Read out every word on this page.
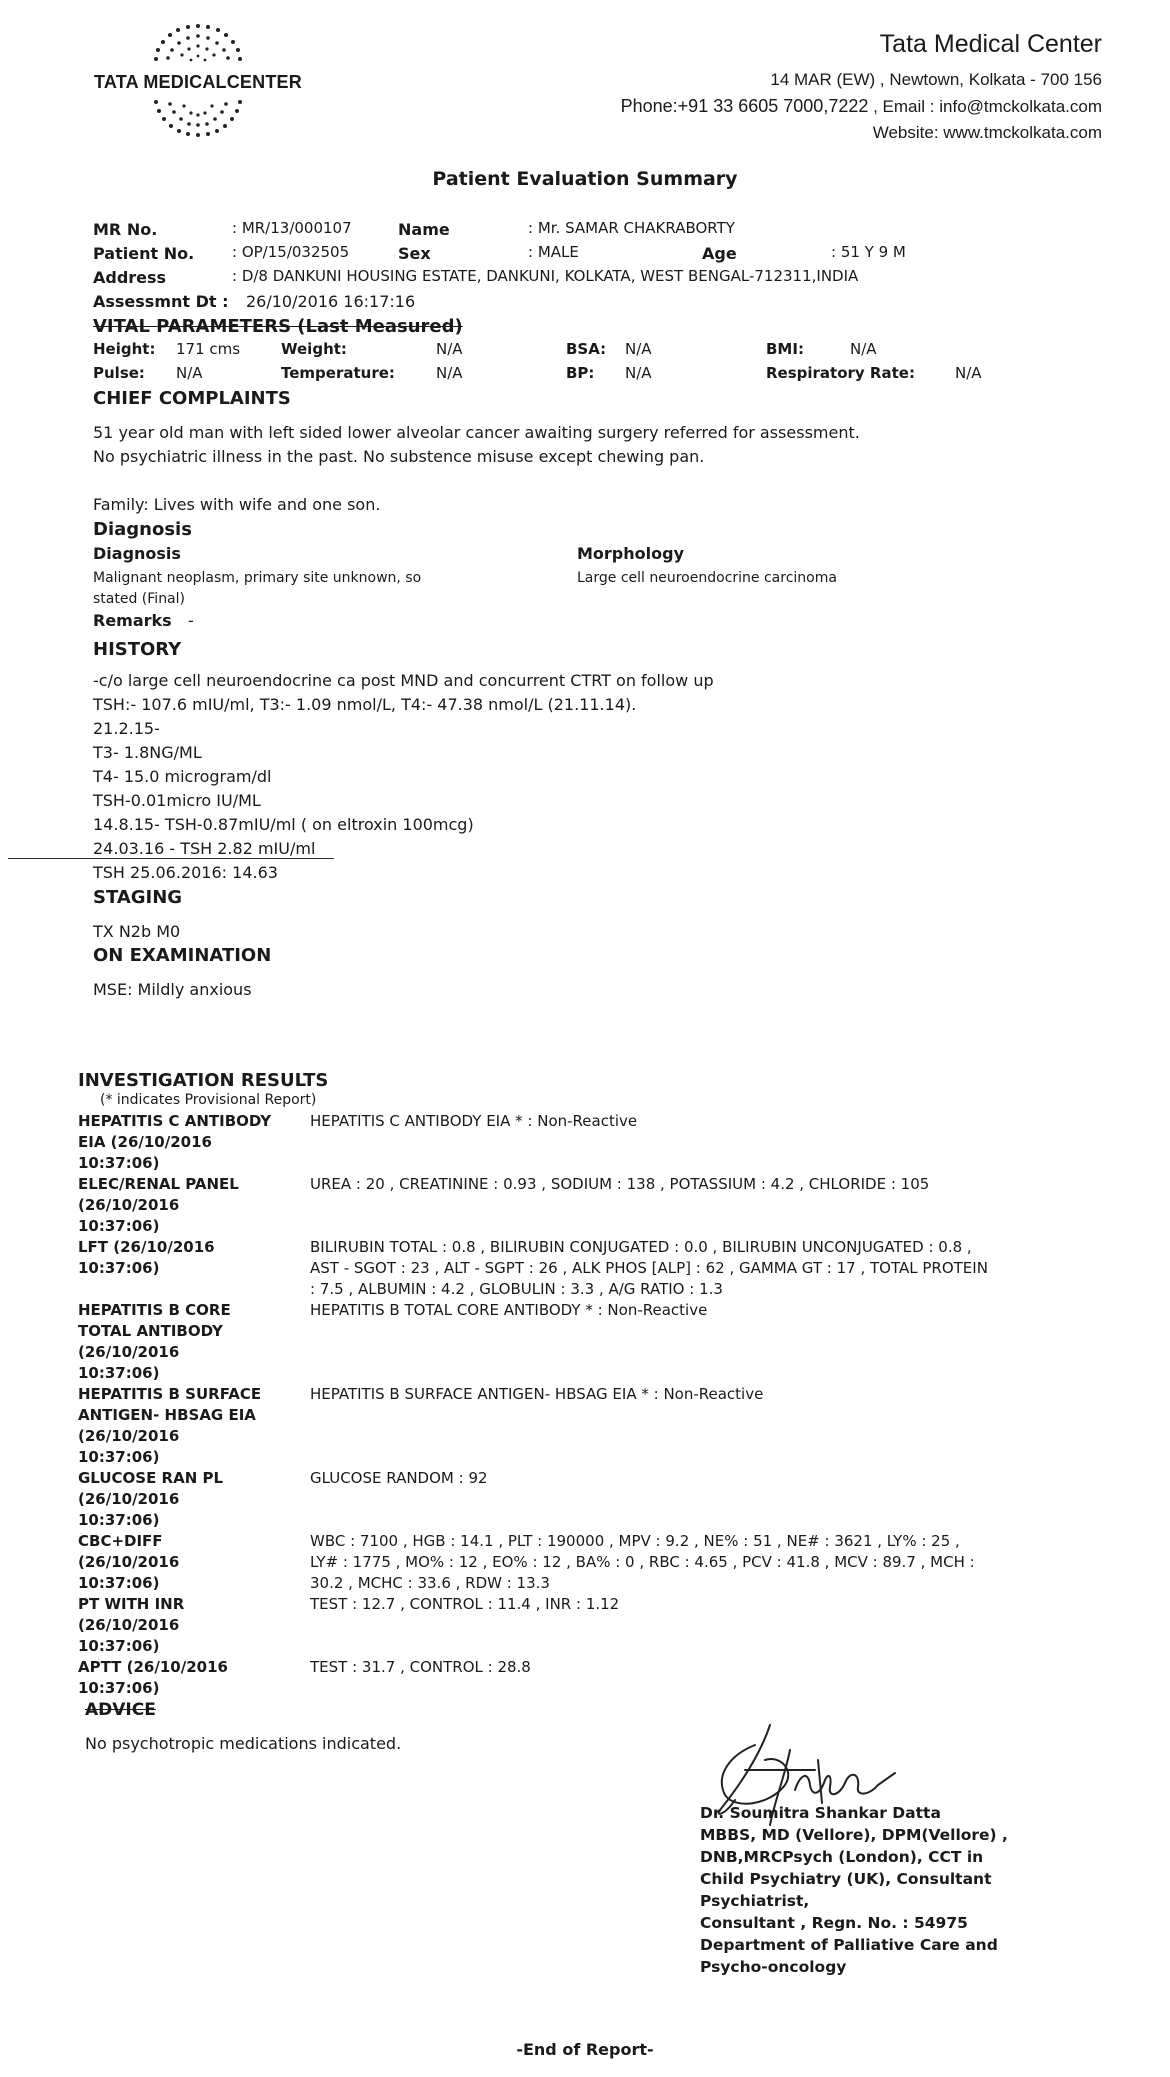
TATA MEDICALCENTER
Tata Medical Center
14 MAR (EW) , Newtown, Kolkata - 700 156
Phone:+91 33 6605 7000,7222 , Email : info@tmckolkata.com
Website: www.tmckolkata.com
Patient Evaluation Summary
MR No.	: MR/13/000107	Name	: Mr. SAMAR CHAKRABORTY
Patient No.	: OP/15/032505	Sex	: MALE	Age	: 51 Y 9 M
Address	: D/8 DANKUNI HOUSING ESTATE, DANKUNI, KOLKATA, WEST BENGAL-712311,INDIA
Assessmnt Dt : 26/10/2016 16:17:16
VITAL PARAMETERS (Last Measured)
Height: 171 cms	Weight:	N/A	BSA: N/A	BMI:	N/A
Pulse: N/A	Temperature:	N/A	BP: N/A	Respiratory Rate:	N/A
CHIEF COMPLAINTS
51 year old man with left sided lower alveolar cancer awaiting surgery referred for assessment.
No psychiatric illness in the past. No substence misuse except chewing pan.
Family: Lives with wife and one son.
Diagnosis
Diagnosis
Malignant neoplasm, primary site unknown, so
stated (Final)
Morphology
Large cell neuroendocrine carcinoma
Remarks -
HISTORY
-c/o large cell neuroendocrine ca post MND and concurrent CTRT on follow up
TSH:- 107.6 mIU/ml, T3:- 1.09 nmol/L, T4:- 47.38 nmol/L (21.11.14).
21.2.15-
T3- 1.8NG/ML
T4- 15.0 microgram/dl
TSH-0.01micro IU/ML
14.8.15- TSH-0.87mIU/ml ( on eltroxin 100mcg)
24.03.16 - TSH 2.82 mIU/ml
TSH 25.06.2016: 14.63
STAGING
TX N2b M0
ON EXAMINATION
MSE: Mildly anxious
INVESTIGATION RESULTS
(* indicates Provisional Report)
HEPATITIS C ANTIBODY
EIA (26/10/2016
10:37:06)
HEPATITIS C ANTIBODY EIA * : Non-Reactive
ELEC/RENAL PANEL
(26/10/2016
10:37:06)
UREA : 20 , CREATININE : 0.93 , SODIUM : 138 , POTASSIUM : 4.2 , CHLORIDE : 105
LFT (26/10/2016
10:37:06)
BILIRUBIN TOTAL : 0.8 , BILIRUBIN CONJUGATED : 0.0 , BILIRUBIN UNCONJUGATED : 0.8 ,
AST - SGOT : 23 , ALT - SGPT : 26 , ALK PHOS [ALP] : 62 , GAMMA GT : 17 , TOTAL PROTEIN
: 7.5 , ALBUMIN : 4.2 , GLOBULIN : 3.3 , A/G RATIO : 1.3
HEPATITIS B CORE
TOTAL ANTIBODY
(26/10/2016
10:37:06)
HEPATITIS B TOTAL CORE ANTIBODY * : Non-Reactive
HEPATITIS B SURFACE
ANTIGEN- HBSAG EIA
(26/10/2016
10:37:06)
HEPATITIS B SURFACE ANTIGEN- HBSAG EIA * : Non-Reactive
GLUCOSE RAN PL
(26/10/2016
10:37:06)
GLUCOSE RANDOM : 92
CBC+DIFF
(26/10/2016
10:37:06)
WBC : 7100 , HGB : 14.1 , PLT : 190000 , MPV : 9.2 , NE% : 51 , NE# : 3621 , LY% : 25 ,
LY# : 1775 , MO% : 12 , EO% : 12 , BA% : 0 , RBC : 4.65 , PCV : 41.8 , MCV : 89.7 , MCH :
30.2 , MCHC : 33.6 , RDW : 13.3
PT WITH INR
(26/10/2016
10:37:06)
TEST : 12.7 , CONTROL : 11.4 , INR : 1.12
APTT (26/10/2016
10:37:06)
TEST : 31.7 , CONTROL : 28.8
ADVICE
No psychotropic medications indicated.
Dr. Soumitra Shankar Datta
MBBS, MD (Vellore), DPM(Vellore) ,
DNB,MRCPsych (London), CCT in
Child Psychiatry (UK), Consultant
Psychiatrist,
Consultant , Regn. No. : 54975
Department of Palliative Care and
Psycho-oncology
-End of Report-
